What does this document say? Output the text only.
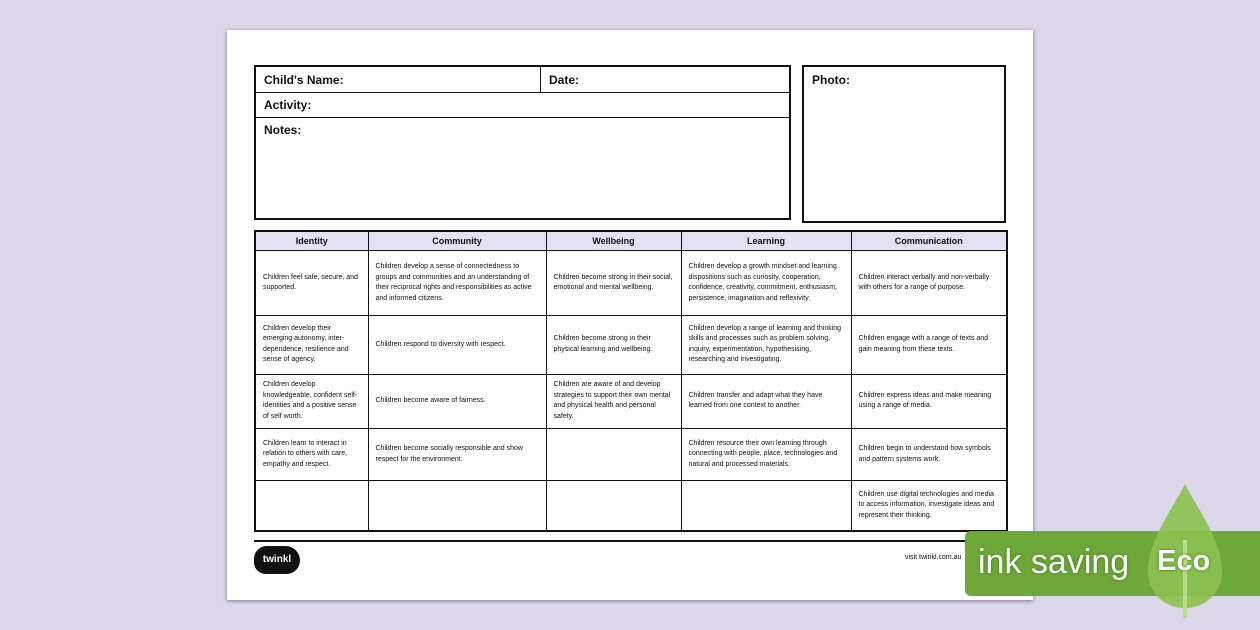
Child's Name:	Date:
Activity:
Notes:
Photo:
Identity	Community	Wellbeing	Learning	Communication
Children feel safe, secure, and supported.	Children develop a sense of connectedness to groups and communities and an understanding of their reciprocal rights and responsibilities as active and informed citizens.	Children become strong in their social, emotional and mental wellbeing.	Children develop a growth mindset and learning dispositions such as curiosity, cooperation, confidence, creativity, commitment, enthusiasm, persistence, imagination and reflexivity.	Children interact verbally and non-verbally with others for a range of purpose.
Children develop their emerging autonomy, inter-dependence, resilience and sense of agency.	Children respond to diversity with respect.	Children become strong in their physical learning and wellbeing.	Children develop a range of learning and thinking skills and processes such as problem solving, inquiry, experimentation, hypothesising, researching and investigating.	Children engage with a range of texts and gain meaning from these texts.
Children develop knowledgeable, confident self-identities and a positive sense of self worth.	Children become aware of fairness.	Children are aware of and develop strategies to support their own mental and physical health and personal safety.	Children transfer and adapt what they have learned from one context to another.	Children express ideas and make meaning using a range of media.
Children learn to interact in relation to others with care, empathy and respect.	Children become socially responsible and show respect for the environment.		Children resource their own learning through connecting with people, place, technologies and natural and processed materials.	Children begin to understand how symbols and pattern systems work.
				Children use digital technologies and media to access information, investigate ideas and represent their thinking.
twinkl	visit twinkl.com.au ink saving Eco
